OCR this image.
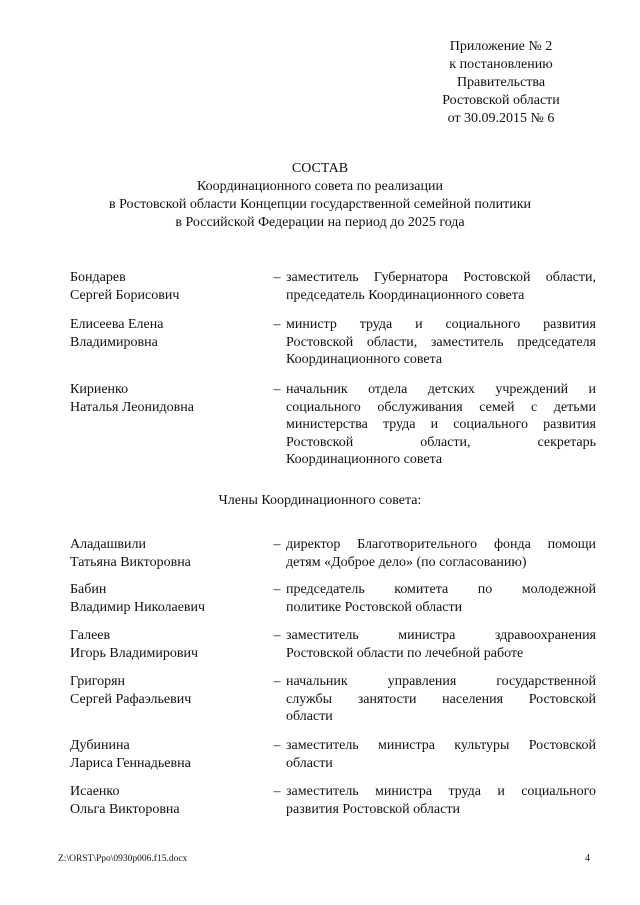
Приложение № 2
к постановлению
Правительства
Ростовской области
от 30.09.2015 № 6
СОСТАВ
Координационного совета по реализации
в Ростовской области Концепции государственной семейной политики
в Российской Федерации на период до 2025 года
Бондарев
Сергей Борисович
– заместитель Губернатора Ростовской области,
председатель Координационного совета
Елисеева Елена
Владимировна
– министр труда и социального развития
Ростовской области, заместитель председателя
Координационного совета
Кириенко
Наталья Леонидовна
– начальник отдела детских учреждений и
социального обслуживания семей с детьми
министерства труда и социального развития
Ростовской области, секретарь
Координационного совета
Члены Координационного совета:
Аладашвили
Татьяна Викторовна
– директор Благотворительного фонда помощи
детям «Доброе дело» (по согласованию)
Бабин
Владимир Николаевич
– председатель комитета по молодежной
политике Ростовской области
Галеев
Игорь Владимирович
– заместитель министра здравоохранения
Ростовской области по лечебной работе
Григорян
Сергей Рафаэльевич
– начальник управления государственной
службы занятости населения Ростовской
области
Дубинина
Лариса Геннадьевна
– заместитель министра культуры Ростовской
области
Исаенко
Ольга Викторовна
– заместитель министра труда и социального
развития Ростовской области
Z:\ORST\Ppo\0930p006.f15.docx	4
